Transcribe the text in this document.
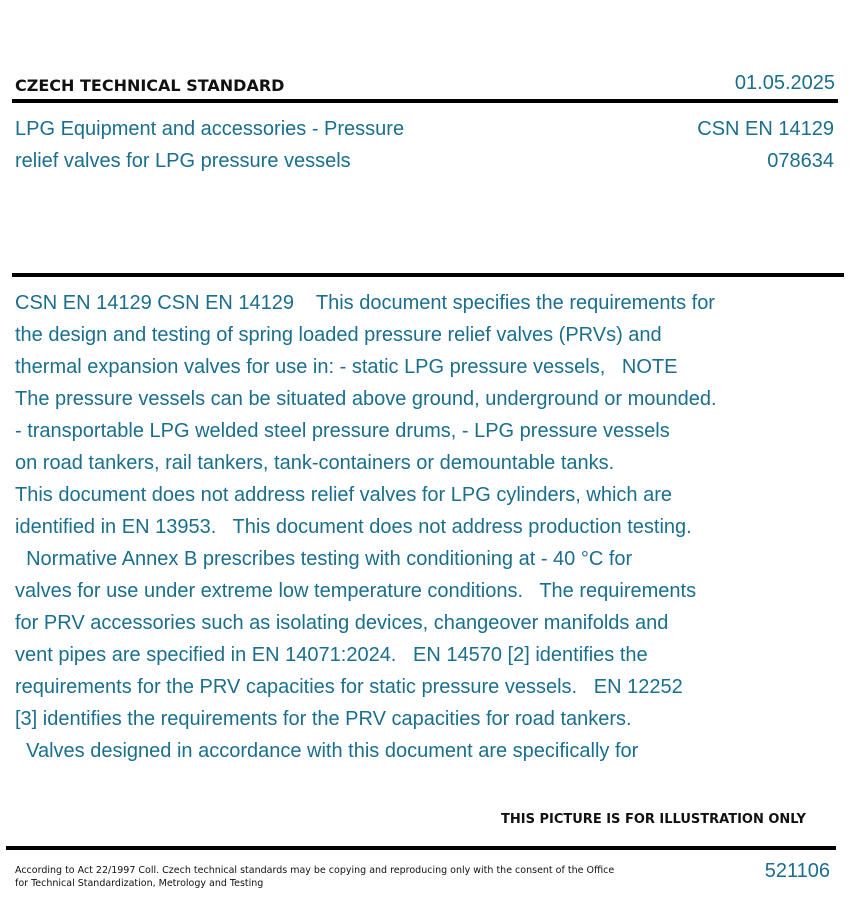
CZECH TECHNICAL STANDARD	01.05.2025
LPG Equipment and accessories - Pressure
relief valves for LPG pressure vessels
CSN EN 14129
078634
CSN EN 14129 CSN EN 14129    This document specifies the requirements for
the design and testing of spring loaded pressure relief valves (PRVs) and
thermal expansion valves for use in: - static LPG pressure vessels,   NOTE
The pressure vessels can be situated above ground, underground or mounded.
- transportable LPG welded steel pressure drums, - LPG pressure vessels
on road tankers, rail tankers, tank-containers or demountable tanks.
This document does not address relief valves for LPG cylinders, which are
identified in EN 13953.   This document does not address production testing.
Normative Annex B prescribes testing with conditioning at - 40 °C for
valves for use under extreme low temperature conditions.   The requirements
for PRV accessories such as isolating devices, changeover manifolds and
vent pipes are specified in EN 14071:2024.   EN 14570 [2] identifies the
requirements for the PRV capacities for static pressure vessels.   EN 12252
[3] identifies the requirements for the PRV capacities for road tankers.
Valves designed in accordance with this document are specifically for
THIS PICTURE IS FOR ILLUSTRATION ONLY
According to Act 22/1997 Coll. Czech technical standards may be copying and reproducing only with the consent of the Office
for Technical Standardization, Metrology and Testing
521106
